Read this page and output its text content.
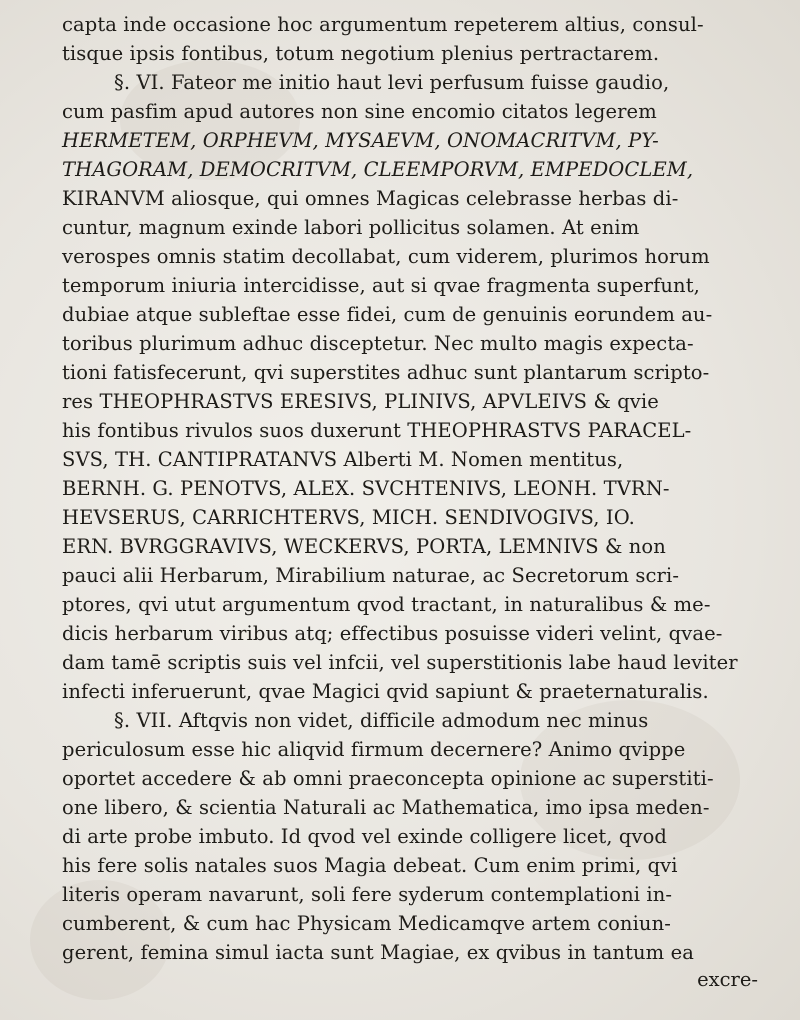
capta inde occasione hoc argumentum repeterem altius, consul-
tisque ipsis fontibus, totum negotium plenius pertractarem.
§. VI. Fateor me initio haut levi perfusum fuisse gaudio,
cum pasfim apud autores non sine encomio citatos legerem
HERMETEM, ORPHEVM, MYSAEVM, ONOMACRITVM, PY-
THAGORAM, DEMOCRITVM, CLEEMPORVM, EMPEDOCLEM,
KIRANVM aliosque, qui omnes Magicas celebrasse herbas di-
cuntur, magnum exinde labori pollicitus solamen. At enim
verospes omnis statim decollabat, cum viderem, plurimos horum
temporum iniuria intercidisse, aut si qvae fragmenta superfunt,
dubiae atque subleftae esse fidei, cum de genuinis eorundem au-
toribus plurimum adhuc disceptetur. Nec multo magis expecta-
tioni fatisfecerunt, qvi superstites adhuc sunt plantarum scripto-
res THEOPHRASTVS ERESIVS, PLINIVS, APVLEIVS & qvie
his fontibus rivulos suos duxerunt THEOPHRASTVS PARACEL-
SVS, TH. CANTIPRATANVS Alberti M. Nomen mentitus,
BERNH. G. PENOTVS, ALEX. SVCHTENIVS, LEONH. TVRN-
HEVSERUS, CARRICHTERVS, MICH. SENDIVOGIVS, IO.
ERN. BVRGGRAVIVS, WECKERVS, PORTA, LEMNIVS & non
pauci alii Herbarum, Mirabilium naturae, ac Secretorum scri-
ptores, qvi utut argumentum qvod tractant, in naturalibus & me-
dicis herbarum viribus atq; effectibus posuisse videri velint, qvae-
dam tamē scriptis suis vel infcii, vel superstitionis labe haud leviter
infecti inferuerunt, qvae Magici qvid sapiunt & praeternaturalis.
§. VII. Aftqvis non videt, difficile admodum nec minus
periculosum esse hic aliqvid firmum decernere? Animo qvippe
oportet accedere & ab omni praeconcepta opinione ac superstiti-
one libero, & scientia Naturali ac Mathematica, imo ipsa meden-
di arte probe imbuto. Id qvod vel exinde colligere licet, qvod
his fere solis natales suos Magia debeat. Cum enim primi, qvi
literis operam navarunt, soli fere syderum contemplationi in-
cumberent, & cum hac Physicam Medicamqve artem coniun-
gerent, femina simul iacta sunt Magiae, ex qvibus in tantum ea
excre-
